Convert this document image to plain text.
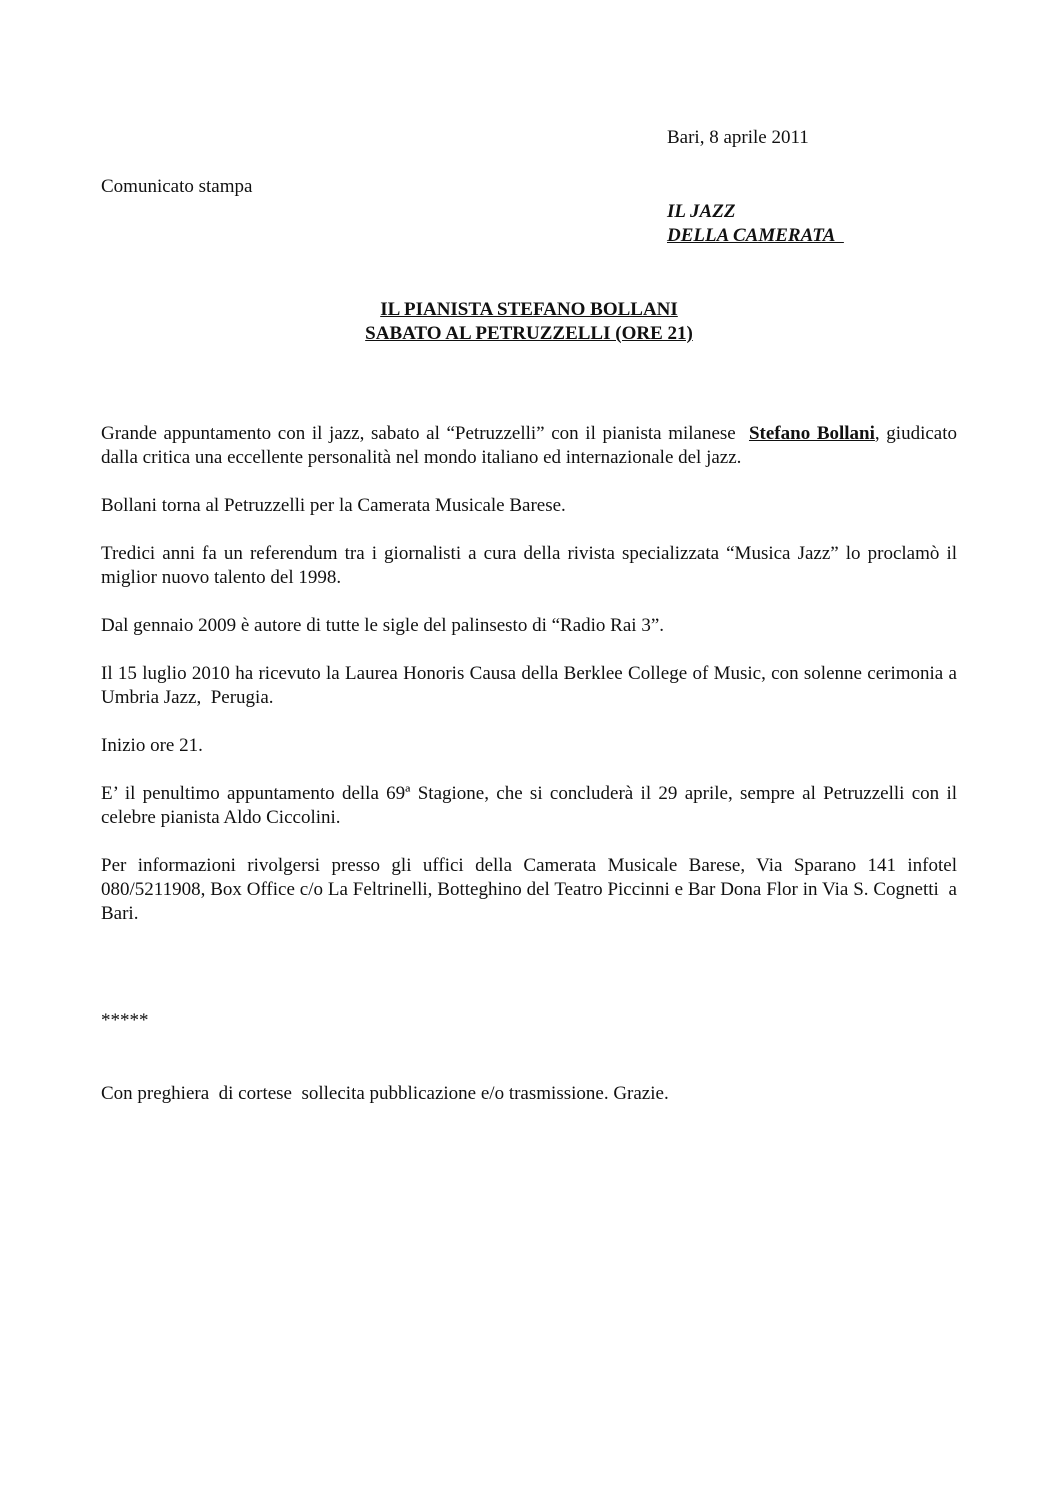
Bari, 8 aprile 2011
Comunicato stampa
IL JAZZ
DELLA CAMERATA
IL PIANISTA STEFANO BOLLANI
SABATO AL PETRUZZELLI (ORE 21)

Grande appuntamento con il jazz, sabato al “Petruzzelli” con il pianista milanese  Stefano Bollani, giudicato dalla critica una eccellente personalità nel mondo italiano ed internazionale del jazz.

Bollani torna al Petruzzelli per la Camerata Musicale Barese.

Tredici anni fa un referendum tra i giornalisti a cura della rivista specializzata “Musica Jazz” lo proclamò il miglior nuovo talento del 1998.

Dal gennaio 2009 è autore di tutte le sigle del palinsesto di “Radio Rai 3”.

Il 15 luglio 2010 ha ricevuto la Laurea Honoris Causa della Berklee College of Music, con solenne cerimonia a Umbria Jazz,  Perugia.

Inizio ore 21.

E’ il penultimo appuntamento della 69ª Stagione, che si concluderà il 29 aprile, sempre al Petruzzelli con il celebre pianista Aldo Ciccolini.

Per informazioni rivolgersi presso gli uffici della Camerata Musicale Barese, Via Sparano 141 infotel 080/5211908, Box Office c/o La Feltrinelli, Botteghino del Teatro Piccinni e Bar Dona Flor in Via S. Cognetti  a Bari.

*****
Con preghiera  di cortese  sollecita pubblicazione e/o trasmissione. Grazie.
